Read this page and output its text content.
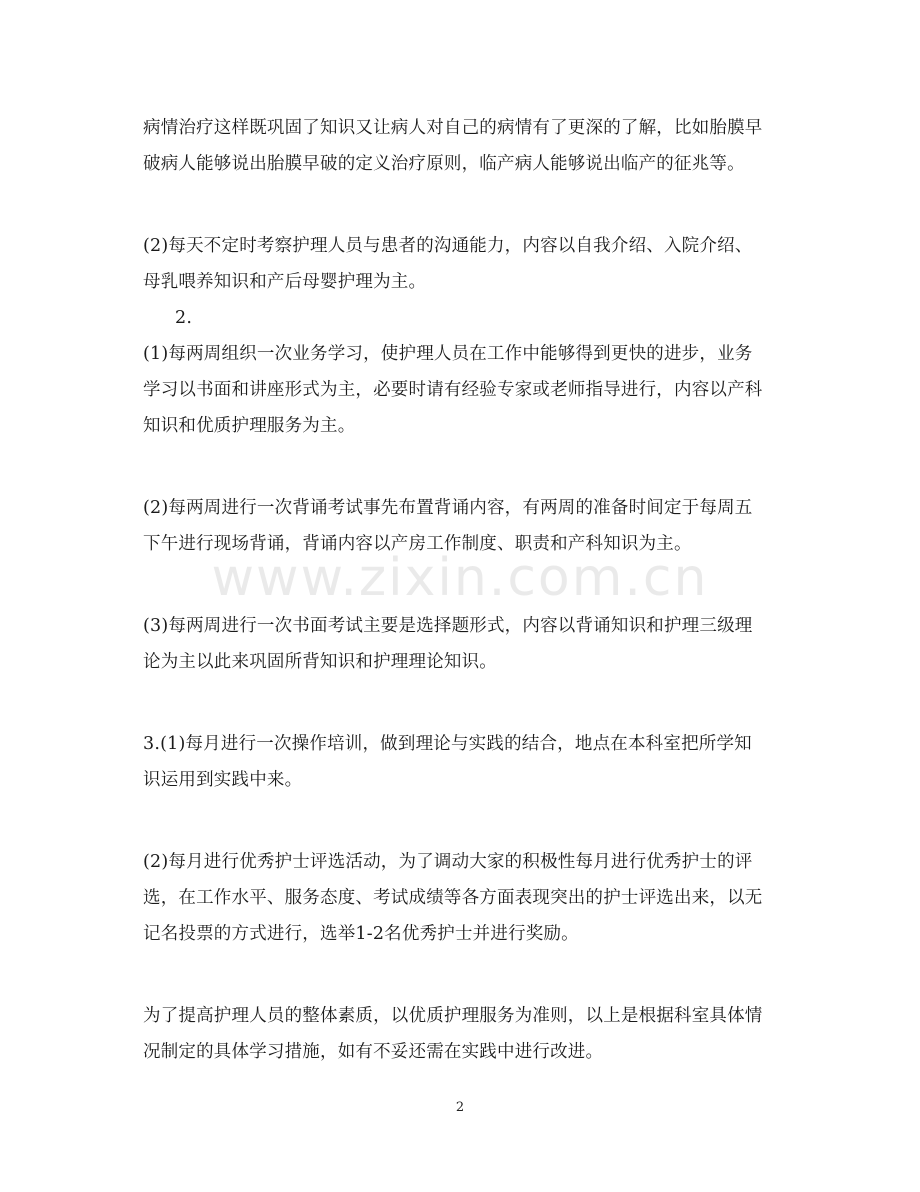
病情治疗这样既巩固了知识又让病人对自己的病情有了更深的了解，比如胎膜早
破病人能够说出胎膜早破的定义治疗原则，临产病人能够说出临产的征兆等。

(2)每天不定时考察护理人员与患者的沟通能力，内容以自我介绍、入院介绍、
母乳喂养知识和产后母婴护理为主。

2.

(1)每两周组织一次业务学习，使护理人员在工作中能够得到更快的进步，业务
学习以书面和讲座形式为主，必要时请有经验专家或老师指导进行，内容以产科
知识和优质护理服务为主。

(2)每两周进行一次背诵考试事先布置背诵内容，有两周的准备时间定于每周五
下午进行现场背诵，背诵内容以产房工作制度、职责和产科知识为主。

(3)每两周进行一次书面考试主要是选择题形式，内容以背诵知识和护理三级理
论为主以此来巩固所背知识和护理理论知识。

3.(1)每月进行一次操作培训，做到理论与实践的结合，地点在本科室把所学知
识运用到实践中来。

(2)每月进行优秀护士评选活动，为了调动大家的积极性每月进行优秀护士的评
选，在工作水平、服务态度、考试成绩等各方面表现突出的护士评选出来，以无
记名投票的方式进行，选举1-2名优秀护士并进行奖励。

为了提高护理人员的整体素质，以优质护理服务为准则，以上是根据科室具体情
况制定的具体学习措施，如有不妥还需在实践中进行改进。

www.zixin.com.cn
2
